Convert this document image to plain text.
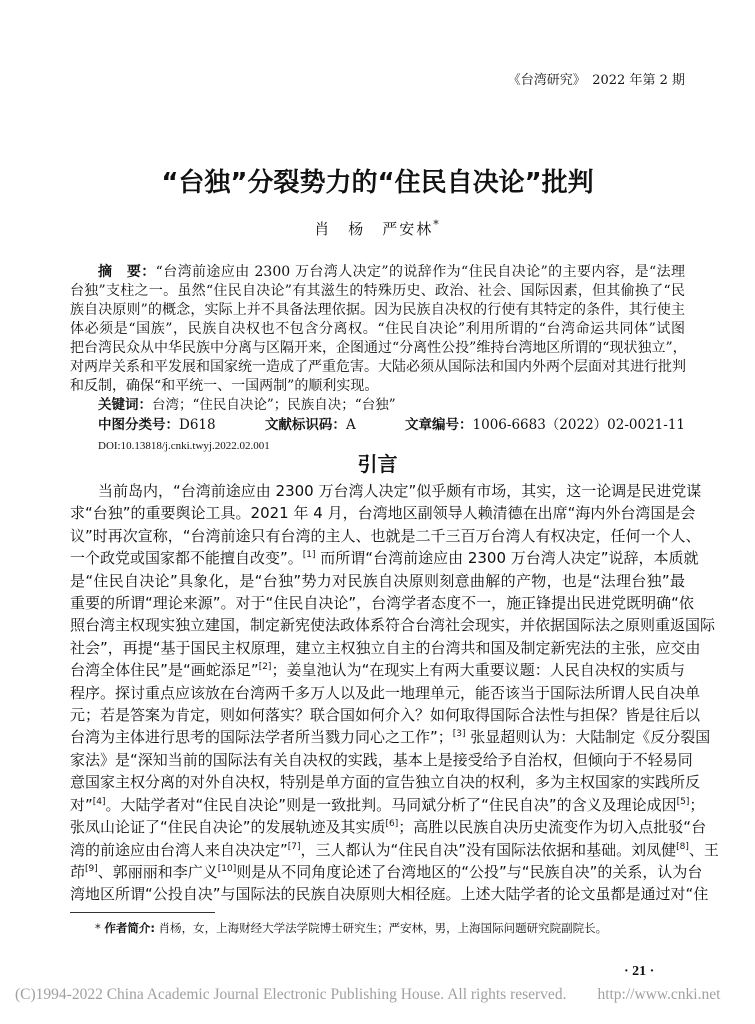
《台湾研究》　2022 年第 2 期
“台独”分裂势力的“住民自决论”批判
肖　杨　严安林*
摘　要：“台湾前途应由 2300 万台湾人决定”的说辞作为“住民自决论”的主要内容，是“法理
台独”支柱之一。虽然“住民自决论”有其滋生的特殊历史、政治、社会、国际因素，但其偷换了“民
族自决原则”的概念，实际上并不具备法理依据。因为民族自决权的行使有其特定的条件，其行使主
体必须是“国族”，民族自决权也不包含分离权。“住民自决论”利用所谓的“台湾命运共同体”试图
把台湾民众从中华民族中分离与区隔开来，企图通过“分离性公投”维持台湾地区所谓的“现状独立”，
对两岸关系和平发展和国家统一造成了严重危害。大陆必须从国际法和国内外两个层面对其进行批判
和反制，确保“和平统一、一国两制”的顺利实现。
关键词：台湾；“住民自决论”；民族自决；“台独”
中图分类号：D618	文献标识码：A	文章编号：1006-6683（2022）02-0021-11
DOI:10.13818/j.cnki.twyj.2022.02.001
引言
当前岛内，“台湾前途应由 2300 万台湾人决定”似乎颇有市场，其实，这一论调是民进党谋
求“台独”的重要舆论工具。2021 年 4 月，台湾地区副领导人赖清德在出席“海内外台湾国是会
议”时再次宣称，“台湾前途只有台湾的主人、也就是二千三百万台湾人有权决定，任何一个人、
一个政党或国家都不能擅自改变”。[1] 而所谓“台湾前途应由 2300 万台湾人决定”说辞，本质就
是“住民自决论”具象化，是“台独”势力对民族自决原则刻意曲解的产物，也是“法理台独”最
重要的所谓“理论来源”。对于“住民自决论”，台湾学者态度不一，施正锋提出民进党既明确“依
照台湾主权现实独立建国，制定新宪使法政体系符合台湾社会现实，并依据国际法之原则重返国际
社会”，再提“基于国民主权原理，建立主权独立自主的台湾共和国及制定新宪法的主张，应交由
台湾全体住民”是“画蛇添足”[2]；姜皇池认为“在现实上有两大重要议题：人民自决权的实质与
程序。探讨重点应该放在台湾两千多万人以及此一地理单元，能否该当于国际法所谓人民自决单
元；若是答案为肯定，则如何落实？联合国如何介入？如何取得国际合法性与担保？皆是往后以
台湾为主体进行思考的国际法学者所当戮力同心之工作”；[3] 张显超则认为：大陆制定《反分裂国
家法》是“深知当前的国际法有关自决权的实践，基本上是接受给予自治权，但倾向于不轻易同
意国家主权分离的对外自决权，特别是单方面的宣告独立自决的权利，多为主权国家的实践所反
对”[4]。大陆学者对“住民自决论”则是一致批判。马同斌分析了“住民自决”的含义及理论成因[5]；
张凤山论证了“住民自决论”的发展轨迹及其实质[6]；高胜以民族自决历史流变作为切入点批驳“台
湾的前途应由台湾人来自决决定”[7]，三人都认为“住民自决”没有国际法依据和基础。刘凤健[8]、王
茚[9]、郭丽丽和李广义[10]则是从不同角度论述了台湾地区的“公投”与“民族自决”的关系，认为台
湾地区所谓“公投自决”与国际法的民族自决原则大相径庭。上述大陆学者的论文虽都是通过对“住
* 作者简介: 肖杨，女，上海财经大学法学院博士研究生；严安林，男，上海国际问题研究院副院长。
· 21 ·
(C)1994-2022 China Academic Journal Electronic Publishing House. All rights reserved.　　http://www.cnki.net
